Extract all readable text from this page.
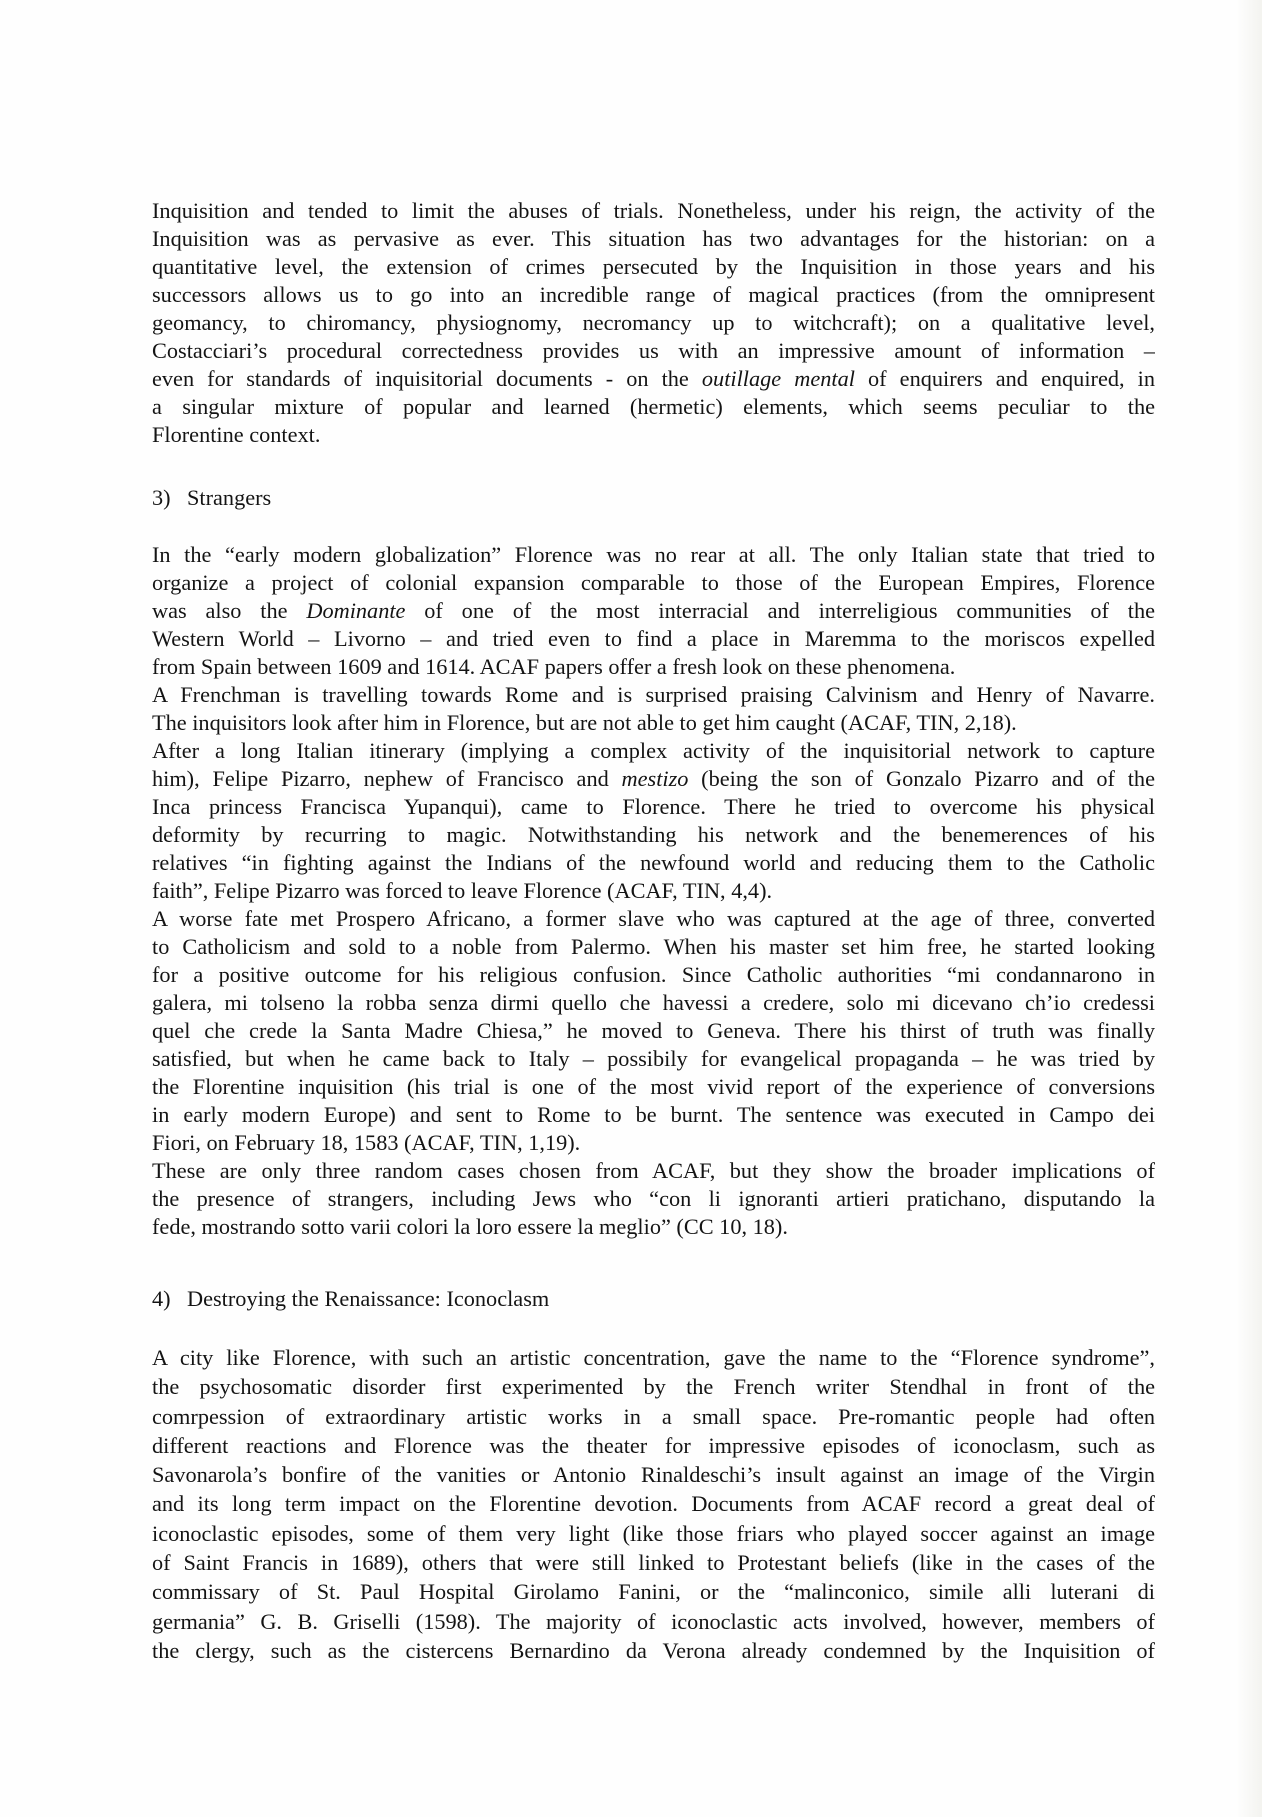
Inquisition and tended to limit the abuses of trials. Nonetheless, under his reign, the activity of the
Inquisition was as pervasive as ever. This situation has two advantages for the historian: on a
quantitative level, the extension of crimes persecuted by the Inquisition in those years and his
successors allows us to go into an incredible range of magical practices (from the omnipresent
geomancy, to chiromancy, physiognomy, necromancy up to witchcraft); on a qualitative level,
Costacciari’s procedural correctedness provides us with an impressive amount of information –
even for standards of inquisitorial documents - on the outillage mental of enquirers and enquired, in
a singular mixture of popular and learned (hermetic) elements, which seems peculiar to the
Florentine context.
3) Strangers
In the “early modern globalization” Florence was no rear at all. The only Italian state that tried to
organize a project of colonial expansion comparable to those of the European Empires, Florence
was also the Dominante of one of the most interracial and interreligious communities of the
Western World – Livorno – and tried even to find a place in Maremma to the moriscos expelled
from Spain between 1609 and 1614. ACAF papers offer a fresh look on these phenomena.
A Frenchman is travelling towards Rome and is surprised praising Calvinism and Henry of Navarre.
The inquisitors look after him in Florence, but are not able to get him caught (ACAF, TIN, 2,18).
After a long Italian itinerary (implying a complex activity of the inquisitorial network to capture
him), Felipe Pizarro, nephew of Francisco and mestizo (being the son of Gonzalo Pizarro and of the
Inca princess Francisca Yupanqui), came to Florence. There he tried to overcome his physical
deformity by recurring to magic. Notwithstanding his network and the benemerences of his
relatives “in fighting against the Indians of the newfound world and reducing them to the Catholic
faith”, Felipe Pizarro was forced to leave Florence (ACAF, TIN, 4,4).
A worse fate met Prospero Africano, a former slave who was captured at the age of three, converted
to Catholicism and sold to a noble from Palermo. When his master set him free, he started looking
for a positive outcome for his religious confusion. Since Catholic authorities “mi condannarono in
galera, mi tolseno la robba senza dirmi quello che havessi a credere, solo mi dicevano ch’io credessi
quel che crede la Santa Madre Chiesa,” he moved to Geneva. There his thirst of truth was finally
satisfied, but when he came back to Italy – possibily for evangelical propaganda – he was tried by
the Florentine inquisition (his trial is one of the most vivid report of the experience of conversions
in early modern Europe) and sent to Rome to be burnt. The sentence was executed in Campo dei
Fiori, on February 18, 1583 (ACAF, TIN, 1,19).
These are only three random cases chosen from ACAF, but they show the broader implications of
the presence of strangers, including Jews who “con li ignoranti artieri pratichano, disputando la
fede, mostrando sotto varii colori la loro essere la meglio” (CC 10, 18).
4) Destroying the Renaissance: Iconoclasm
A city like Florence, with such an artistic concentration, gave the name to the “Florence syndrome”,
the psychosomatic disorder first experimented by the French writer Stendhal in front of the
comrpession of extraordinary artistic works in a small space. Pre-romantic people had often
different reactions and Florence was the theater for impressive episodes of iconoclasm, such as
Savonarola’s bonfire of the vanities or Antonio Rinaldeschi’s insult against an image of the Virgin
and its long term impact on the Florentine devotion. Documents from ACAF record a great deal of
iconoclastic episodes, some of them very light (like those friars who played soccer against an image
of Saint Francis in 1689), others that were still linked to Protestant beliefs (like in the cases of the
commissary of St. Paul Hospital Girolamo Fanini, or the “malinconico, simile alli luterani di
germania” G. B. Griselli (1598). The majority of iconoclastic acts involved, however, members of
the clergy, such as the cistercens Bernardino da Verona already condemned by the Inquisition of
